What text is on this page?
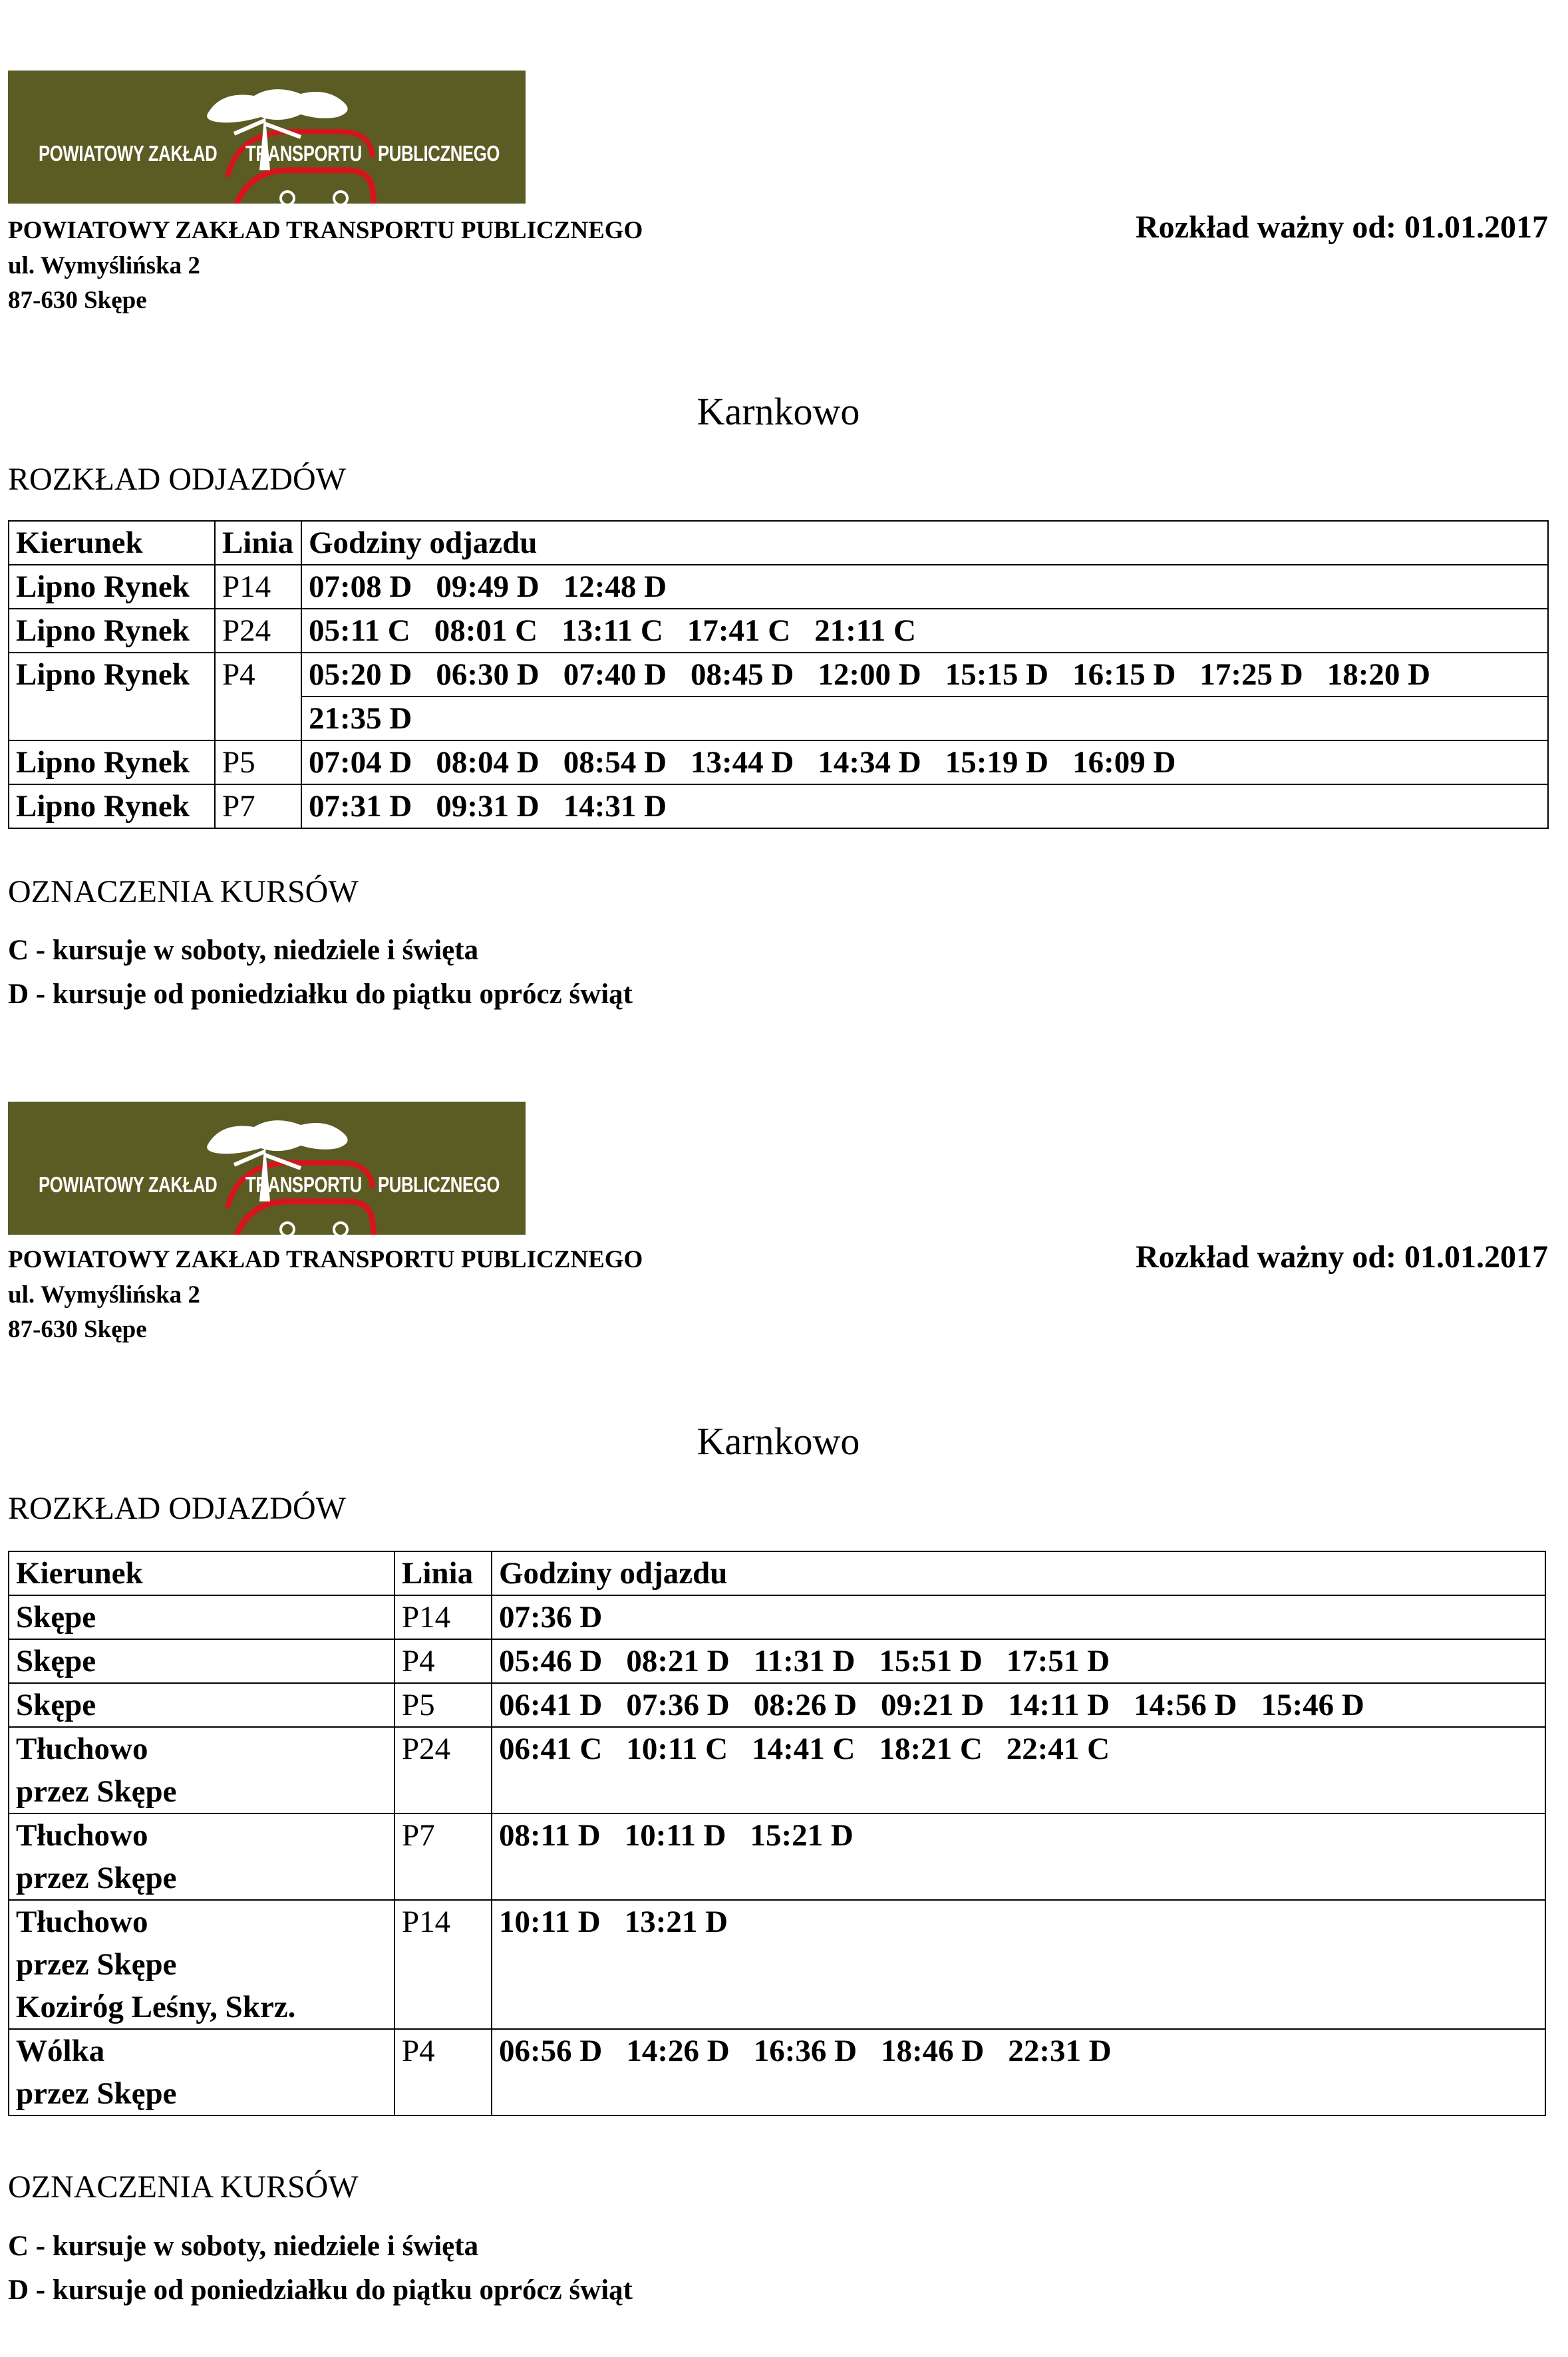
POWIATOWY ZAKŁAD TRANSPORTU PUBLICZNEGO
POWIATOWY ZAKŁAD TRANSPORTU PUBLICZNEGO
ul. Wymyślińska 2
87-630 Skępe
Rozkład ważny od: 01.01.2017
Karnkowo
ROZKŁAD ODJAZDÓW
Kierunek	Linia	Godziny odjazdu

Lipno Rynek	P14	07:08 D 09:49 D 12:48 D

Lipno Rynek	P24	05:11 C 08:01 C 13:11 C 17:41 C 21:11 C

Lipno Rynek	P4	05:20 D 06:30 D 07:40 D 08:45 D 12:00 D 15:15 D 16:15 D 17:25 D 18:20 D
		21:35 D

Lipno Rynek	P5	07:04 D 08:04 D 08:54 D 13:44 D 14:34 D 15:19 D 16:09 D

Lipno Rynek	P7	07:31 D 09:31 D 14:31 D
OZNACZENIA KURSÓW
C - kursuje w soboty, niedziele i święta
D - kursuje od poniedziałku do piątku oprócz świąt
POWIATOWY ZAKŁAD TRANSPORTU PUBLICZNEGO
POWIATOWY ZAKŁAD TRANSPORTU PUBLICZNEGO
ul. Wymyślińska 2
87-630 Skępe
Rozkład ważny od: 01.01.2017
Karnkowo
ROZKŁAD ODJAZDÓW
Kierunek	Linia	Godziny odjazdu

Skępe	P14	07:36 D

Skępe	P4	05:46 D 08:21 D 11:31 D 15:51 D 17:51 D

Skępe	P5	06:41 D 07:36 D 08:26 D 09:21 D 14:11 D 14:56 D 15:46 D

Tłuchowo
przez Skępe	P24	06:41 C 10:11 C 14:41 C 18:21 C 22:41 C

Tłuchowo
przez Skępe	P7	08:11 D 10:11 D 15:21 D

Tłuchowo
przez Skępe
Kozirόg Leśny, Skrz.	P14	10:11 D 13:21 D

Wólka
przez Skępe	P4	06:56 D 14:26 D 16:36 D 18:46 D 22:31 D
OZNACZENIA KURSÓW
C - kursuje w soboty, niedziele i święta
D - kursuje od poniedziałku do piątku oprócz świąt
